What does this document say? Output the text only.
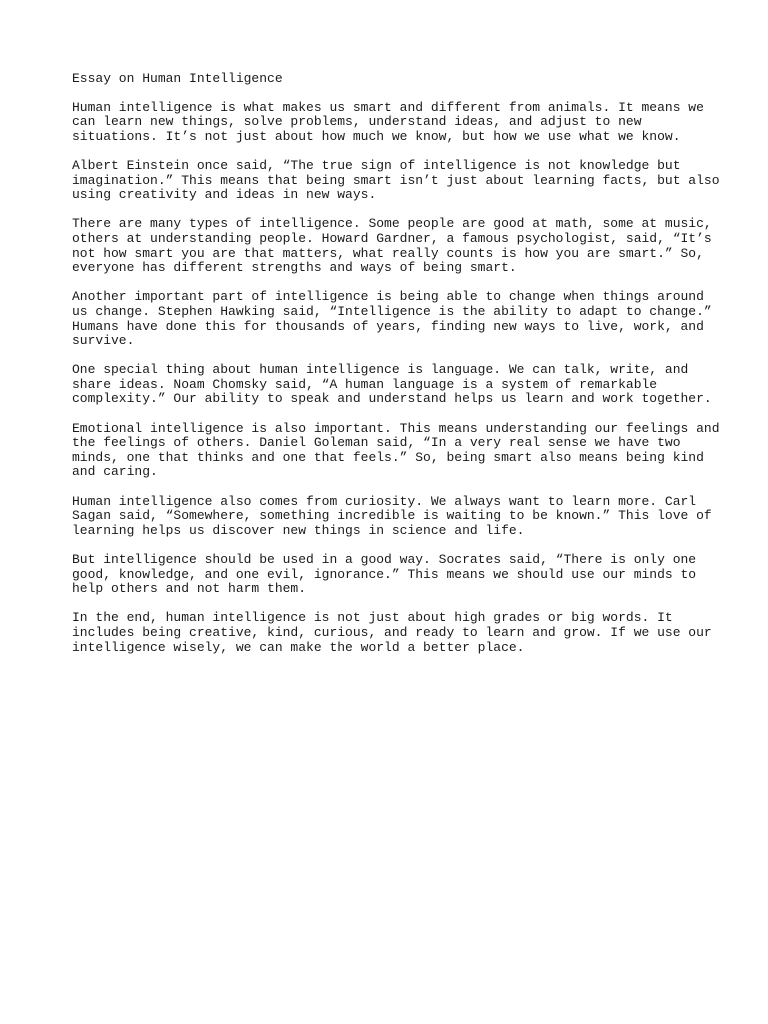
Essay on Human Intelligence
Human intelligence is what makes us smart and different from animals. It means we
can learn new things, solve problems, understand ideas, and adjust to new
situations. It’s not just about how much we know, but how we use what we know.
Albert Einstein once said, “The true sign of intelligence is not knowledge but
imagination.” This means that being smart isn’t just about learning facts, but also
using creativity and ideas in new ways.
There are many types of intelligence. Some people are good at math, some at music,
others at understanding people. Howard Gardner, a famous psychologist, said, “It’s
not how smart you are that matters, what really counts is how you are smart.” So,
everyone has different strengths and ways of being smart.
Another important part of intelligence is being able to change when things around
us change. Stephen Hawking said, “Intelligence is the ability to adapt to change.”
Humans have done this for thousands of years, finding new ways to live, work, and
survive.
One special thing about human intelligence is language. We can talk, write, and
share ideas. Noam Chomsky said, “A human language is a system of remarkable
complexity.” Our ability to speak and understand helps us learn and work together.
Emotional intelligence is also important. This means understanding our feelings and
the feelings of others. Daniel Goleman said, “In a very real sense we have two
minds, one that thinks and one that feels.” So, being smart also means being kind
and caring.
Human intelligence also comes from curiosity. We always want to learn more. Carl
Sagan said, “Somewhere, something incredible is waiting to be known.” This love of
learning helps us discover new things in science and life.
But intelligence should be used in a good way. Socrates said, “There is only one
good, knowledge, and one evil, ignorance.” This means we should use our minds to
help others and not harm them.
In the end, human intelligence is not just about high grades or big words. It
includes being creative, kind, curious, and ready to learn and grow. If we use our
intelligence wisely, we can make the world a better place.
